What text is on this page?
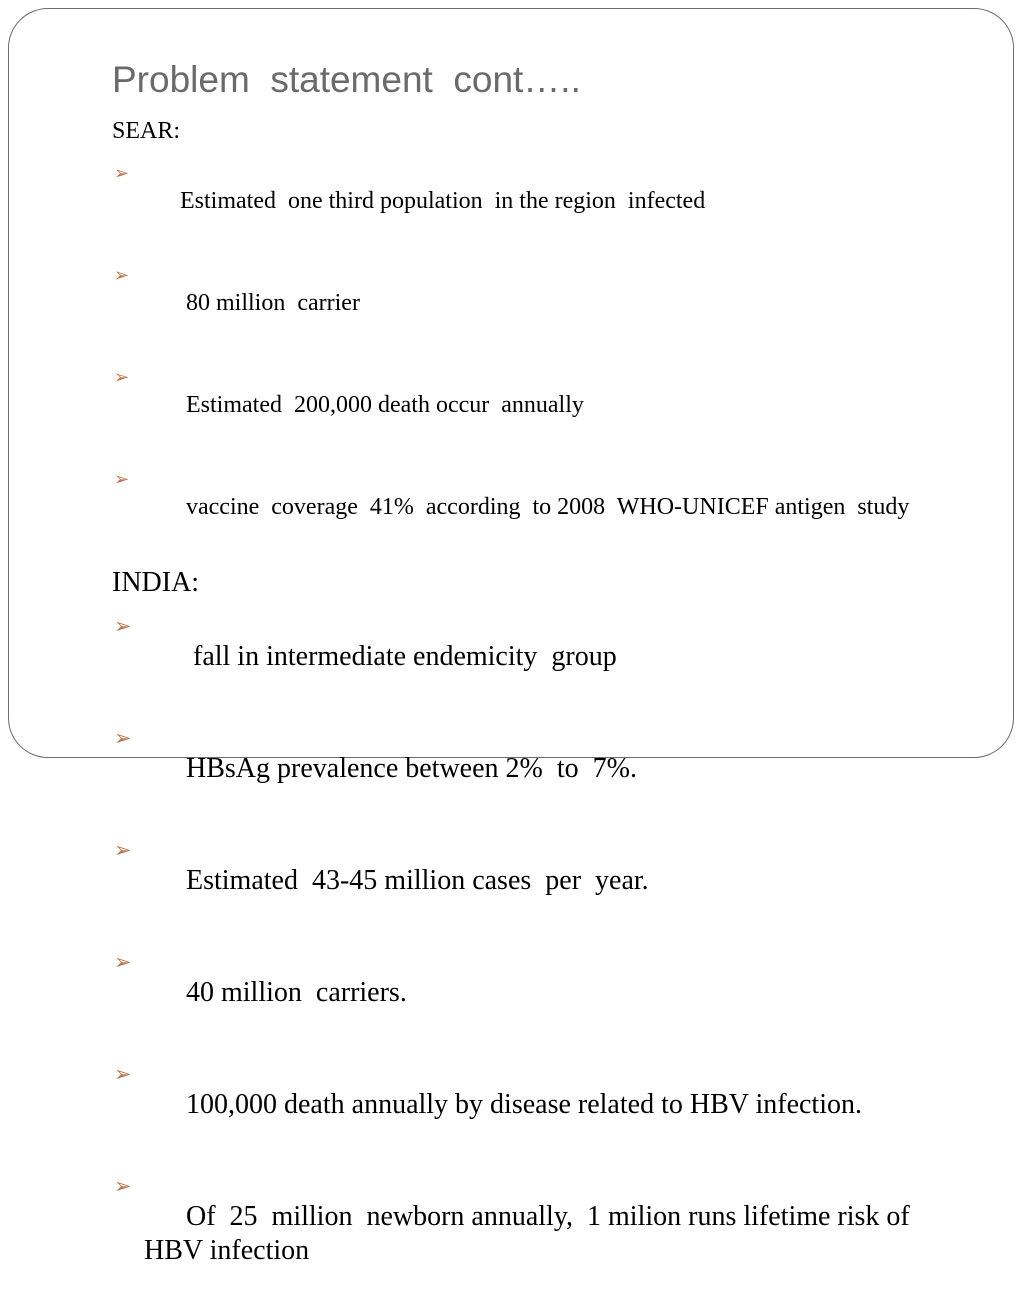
Problem  statement  cont…..

SEAR:

➢
Estimated  one third population  in the region  infected

➢
80 million  carrier

➢
Estimated  200,000 death occur  annually

➢
vaccine  coverage  41%  according  to 2008  WHO-UNICEF antigen  study

INDIA:

➢
fall in intermediate endemicity  group

➢
HBsAg prevalence between 2%  to  7%.

➢
Estimated  43-45 million cases  per  year.

➢
40 million  carriers.

➢
100,000 death annually by disease related to HBV infection.

➢
Of  25  million  newborn annually,  1 milion runs lifetime risk of  HBV infection
